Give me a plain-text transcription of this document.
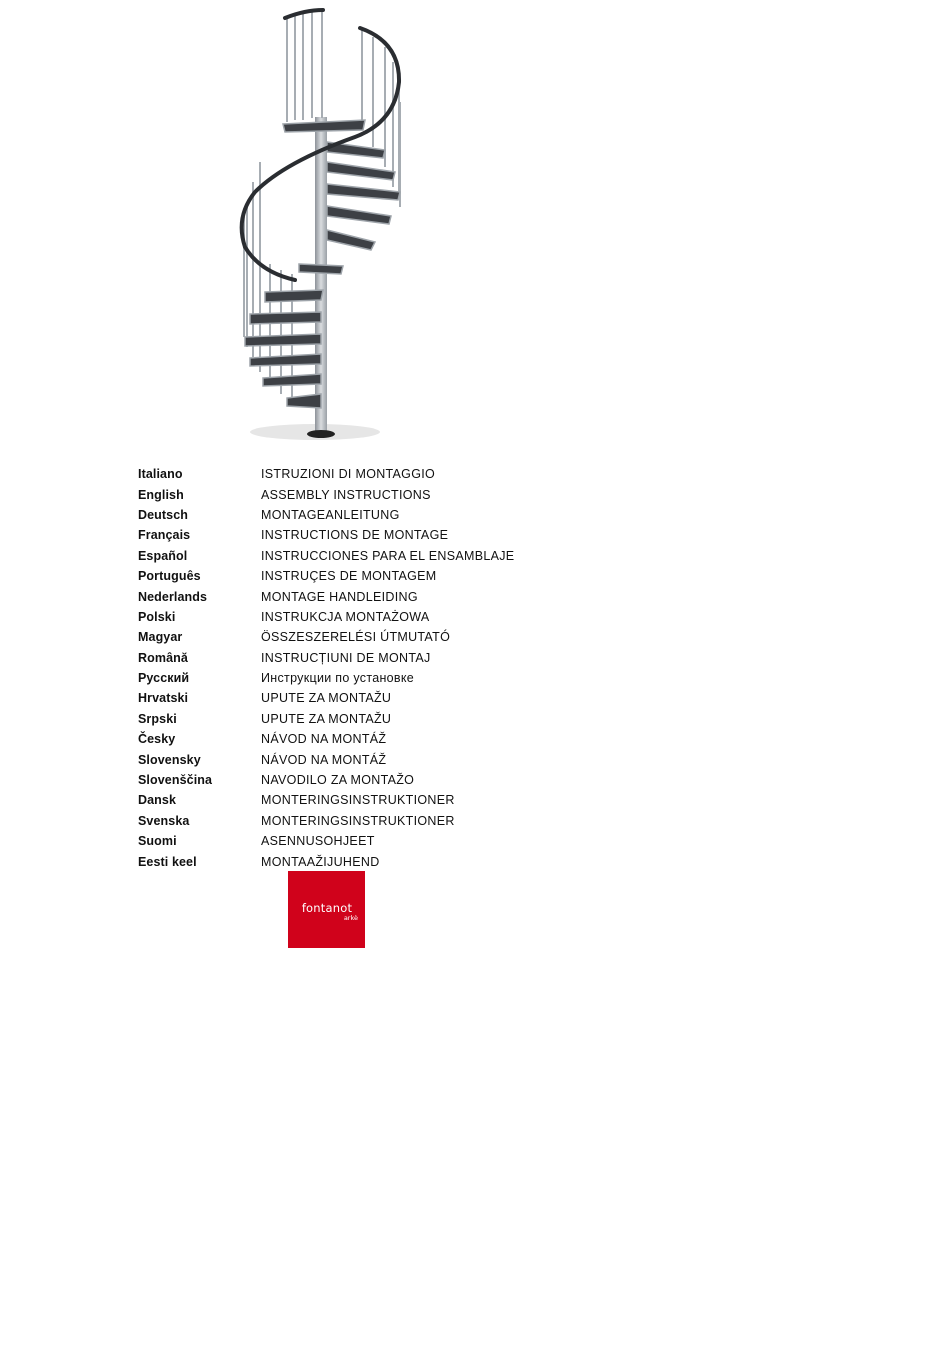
Italiano	ISTRUZIONI DI MONTAGGIO
English	ASSEMBLY INSTRUCTIONS
Deutsch	MONTAGEANLEITUNG
Français	INSTRUCTIONS DE MONTAGE
Español	INSTRUCCIONES PARA EL ENSAMBLAJE
Português	INSTRUÇES DE MONTAGEM
Nederlands	MONTAGE HANDLEIDING
Polski	INSTRUKCJA MONTAŻOWA
Magyar	ÖSSZESZERELÉSI ÚTMUTATÓ
Română	INSTRUCȚIUNI DE MONTAJ
Русский	Инструкции по установке
Hrvatski	UPUTE ZA MONTAŽU
Srpski	UPUTE ZA MONTAŽU
Česky	NÁVOD NA MONTÁŽ
Slovensky	NÁVOD NA MONTÁŽ
Slovenščina	NAVODILO ZA MONTAŽO
Dansk	MONTERINGSINSTRUKTIONER
Svenska	MONTERINGSINSTRUKTIONER
Suomi	ASENNUSOHJEET
Eesti keel	MONTAAŽIJUHEND
fontanot
arkè
